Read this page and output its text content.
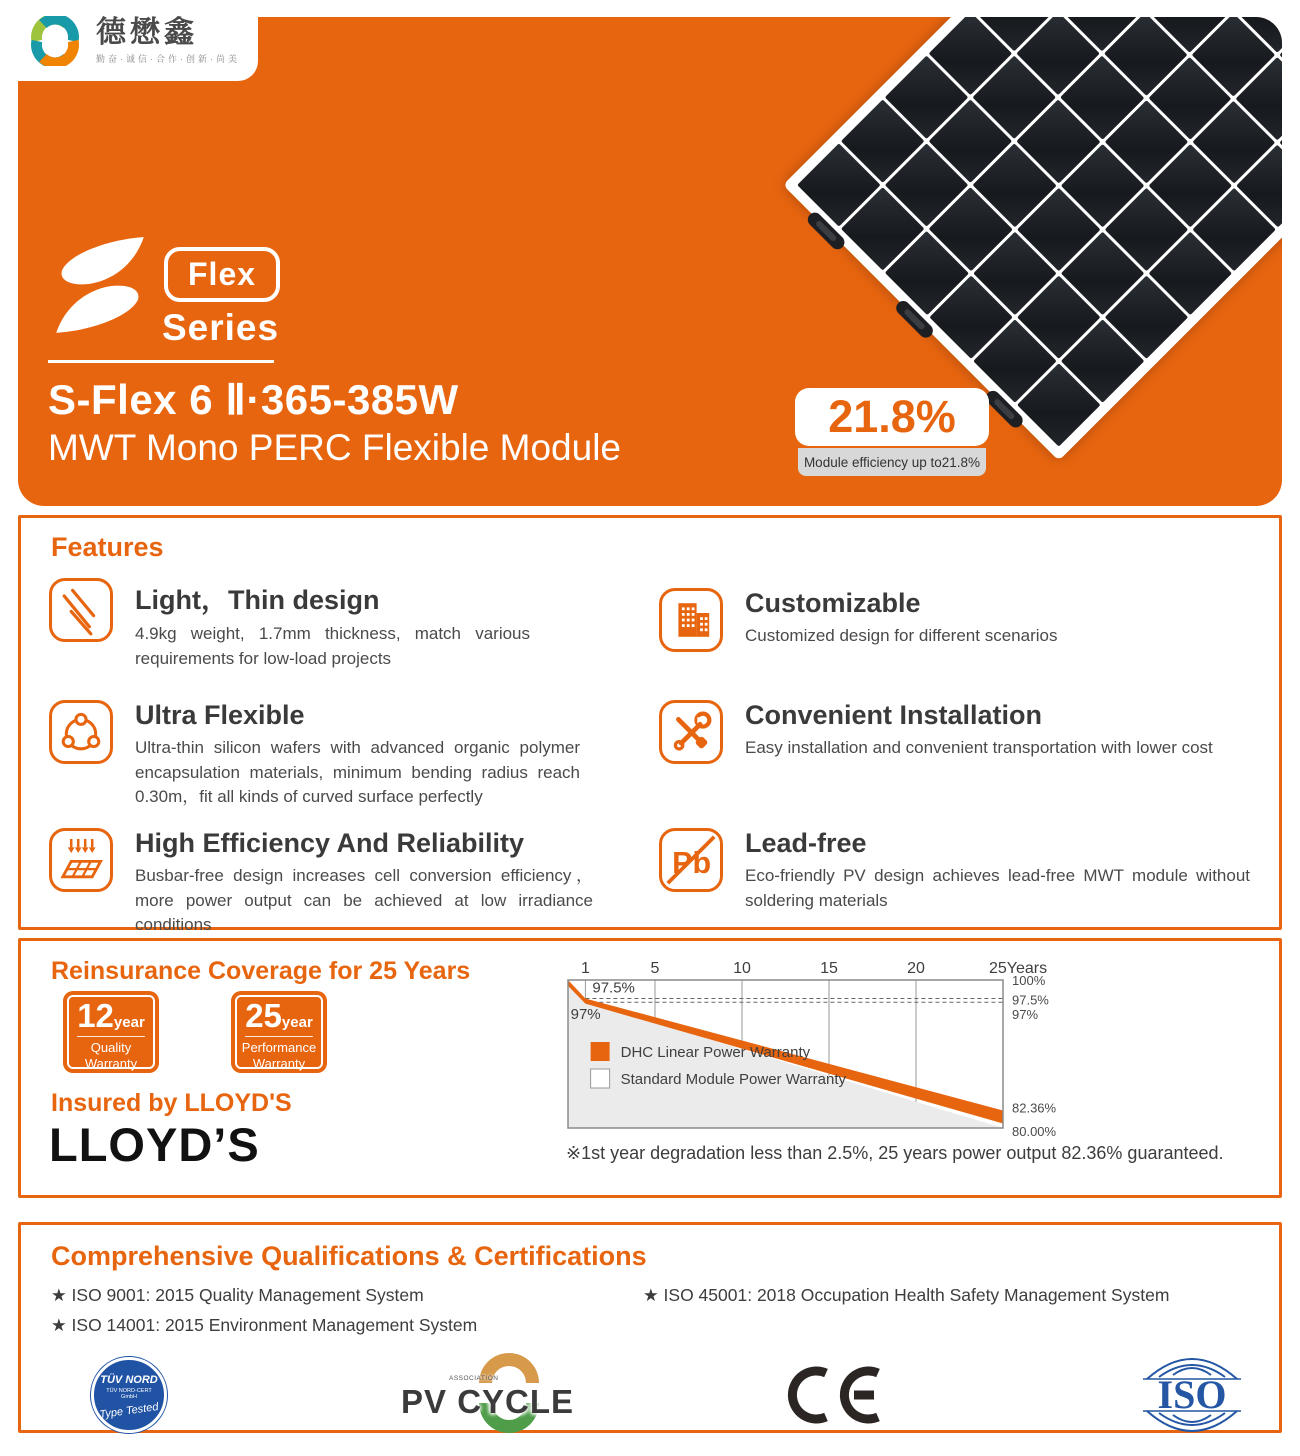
Flex
Series
S-Flex 6 Ⅱ·365-385W
MWT Mono PERC Flexible Module
21.8%
Module efficiency up to21.8%
德懋鑫
勤奋·诚信·合作·创新·尚美
Features
Light，Thin design
4.9kg weight, 1.7mm thickness, match various requirements for low-load projects
Ultra Flexible
Ultra-thin silicon wafers with advanced organic polymer encapsulation materials, minimum bending radius reach 0.30m，fit all kinds of curved surface perfectly
High Efficiency And Reliability
Busbar-free design increases cell conversion efficiency，more power output can be achieved at low irradiance conditions
Customizable
Customized design for different scenarios
Convenient Installation
Easy installation and convenient transportation with lower cost
Pb
Lead-free
Eco-friendly PV design achieves lead-free MWT module without soldering materials
Reinsurance Coverage for 25 Years
12year
Quality
Warranty
25year
Performance
Warranty
Insured by LLOYD'S
LLOYD’S
1	5	10	15	20	25Years
100%
97.5%
97%
82.36%
80.00%
97.5%
97%
DHC Linear Power Warranty
Standard Module Power Warranty
※1st year degradation less than 2.5%, 25 years power output 82.36% guaranteed.
Comprehensive Qualifications & Certifications
★ ISO 9001: 2015 Quality Management System
★ ISO 14001: 2015 Environment Management System
★ ISO 45001: 2018 Occupation Health Safety Management System
TÜV NORD
TÜV NORD-CERT
GmbH
Type Tested
ASSOCIATION
PV CYCLE	ISO
